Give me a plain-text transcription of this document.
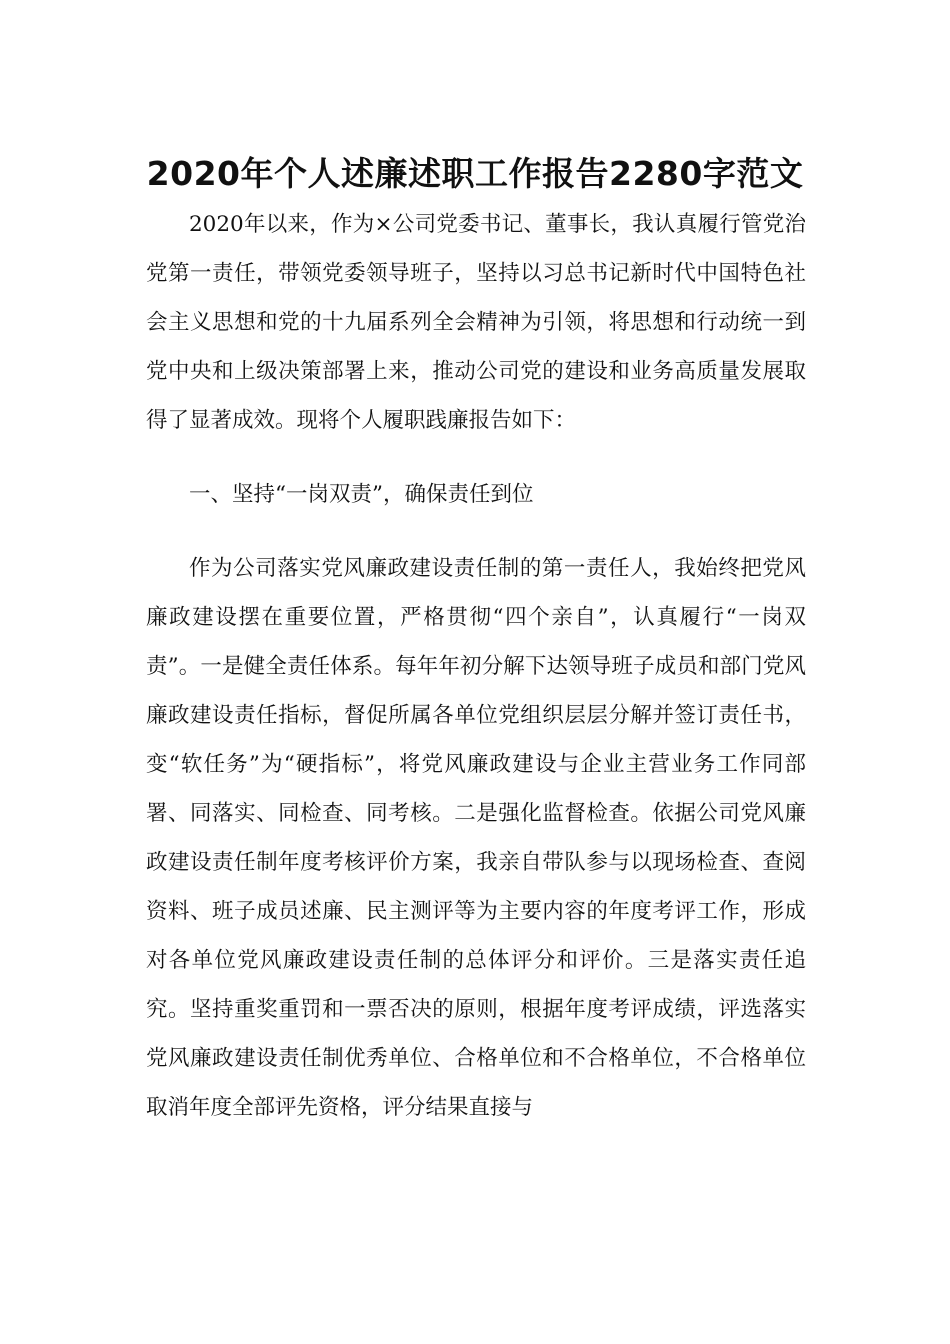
2020年个人述廉述职工作报告2280字范文

2020年以来，作为×公司党委书记、董事长，我认真履行管党治党第一责任，带领党委领导班子，坚持以习总书记新时代中国特色社会主义思想和党的十九届系列全会精神为引领，将思想和行动统一到党中央和上级决策部署上来，推动公司党的建设和业务高质量发展取得了显著成效。现将个人履职践廉报告如下：

一、坚持“一岗双责”，确保责任到位

作为公司落实党风廉政建设责任制的第一责任人，我始终把党风廉政建设摆在重要位置，严格贯彻“四个亲自”，认真履行“一岗双责”。一是健全责任体系。每年年初分解下达领导班子成员和部门党风廉政建设责任指标，督促所属各单位党组织层层分解并签订责任书，变“软任务”为“硬指标”，将党风廉政建设与企业主营业务工作同部署、同落实、同检查、同考核。二是强化监督检查。依据公司党风廉政建设责任制年度考核评价方案，我亲自带队参与以现场检查、查阅资料、班子成员述廉、民主测评等为主要内容的年度考评工作，形成对各单位党风廉政建设责任制的总体评分和评价。三是落实责任追究。坚持重奖重罚和一票否决的原则，根据年度考评成绩，评选落实党风廉政建设责任制优秀单位、合格单位和不合格单位，不合格单位取消年度全部评先资格，评分结果直接与
